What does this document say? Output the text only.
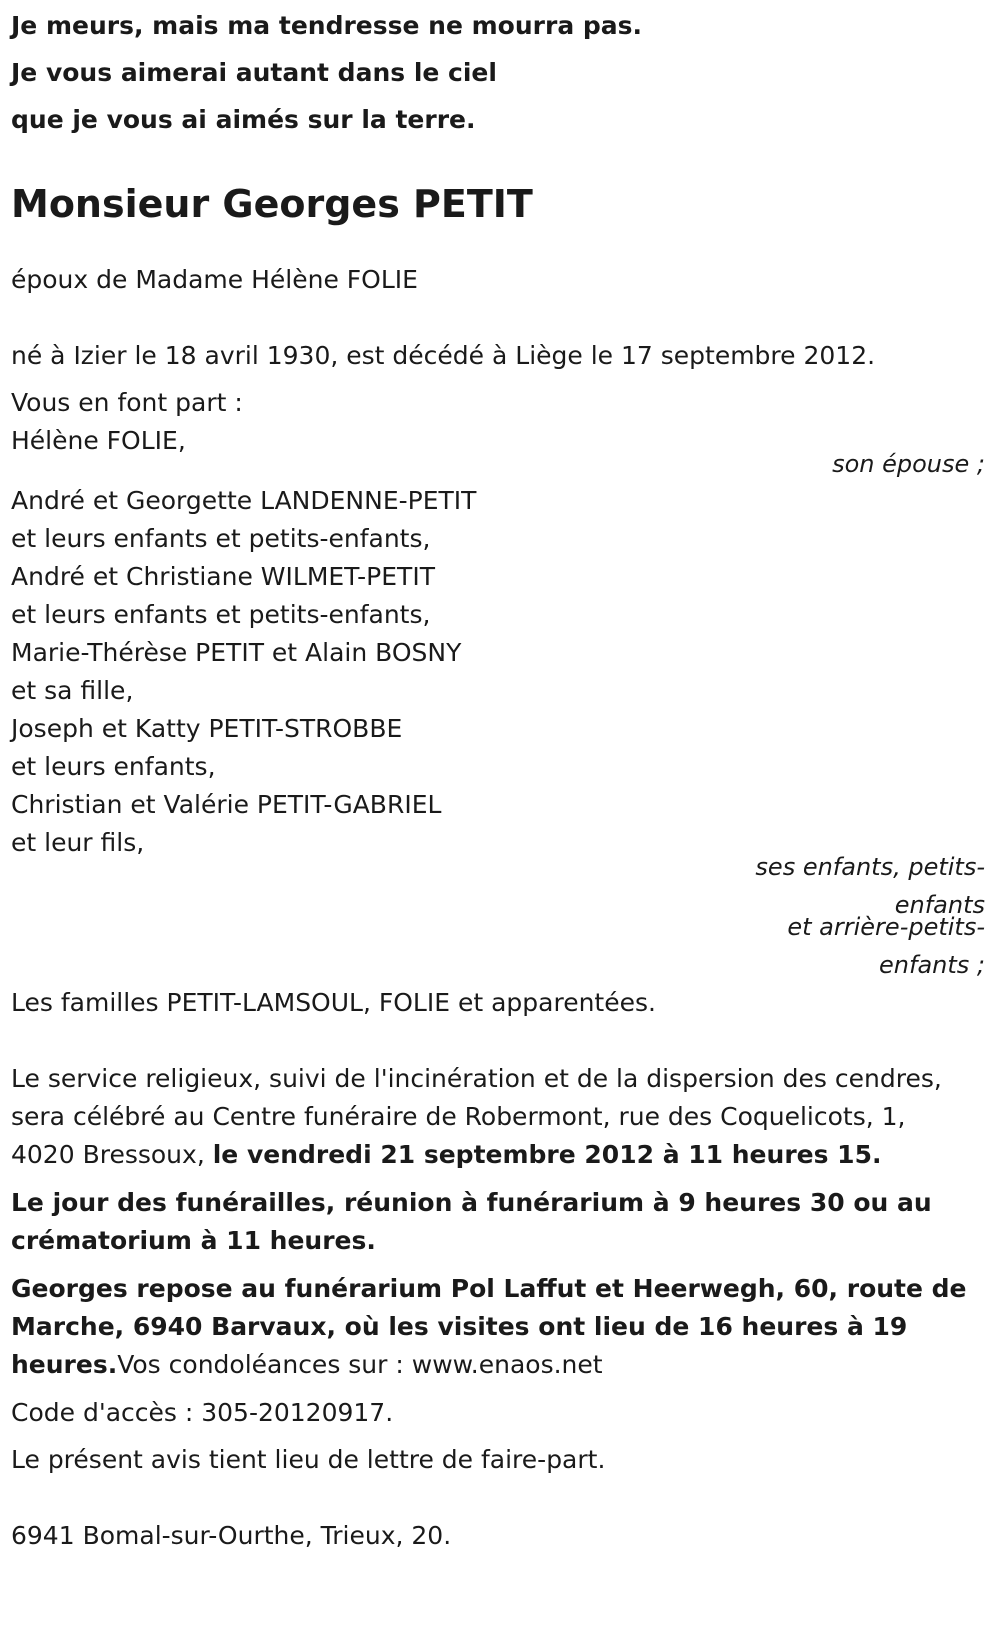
Je meurs, mais ma tendresse ne mourra pas.
Je vous aimerai autant dans le ciel
que je vous ai aimés sur la terre.
Monsieur Georges PETIT
époux de Madame Hélène FOLIE
né à Izier le 18 avril 1930, est décédé à Liège le 17 septembre 2012.
Vous en font part :
Hélène FOLIE,
son épouse ;
André et Georgette LANDENNE-PETIT
et leurs enfants et petits-enfants,
André et Christiane WILMET-PETIT
et leurs enfants et petits-enfants,
Marie-Thérèse PETIT et Alain BOSNY
et sa fille,
Joseph et Katty PETIT-STROBBE
et leurs enfants,
Christian et Valérie PETIT-GABRIEL
et leur fils,
ses enfants, petits-
enfants
et arrière-petits-
enfants ;
Les familles PETIT-LAMSOUL, FOLIE et apparentées.
Le service religieux, suivi de l'incinération et de la dispersion des cendres,
sera célébré au Centre funéraire de Robermont, rue des Coquelicots, 1,
4020 Bressoux, le vendredi 21 septembre 2012 à 11 heures 15.
Le jour des funérailles, réunion à funérarium à 9 heures 30 ou au
crématorium à 11 heures.
Georges repose au funérarium Pol Laffut et Heerwegh, 60, route de
Marche, 6940 Barvaux, où les visites ont lieu de 16 heures à 19
heures.Vos condoléances sur : www.enaos.net
Code d'accès : 305-20120917.
Le présent avis tient lieu de lettre de faire-part.
6941 Bomal-sur-Ourthe, Trieux, 20.
